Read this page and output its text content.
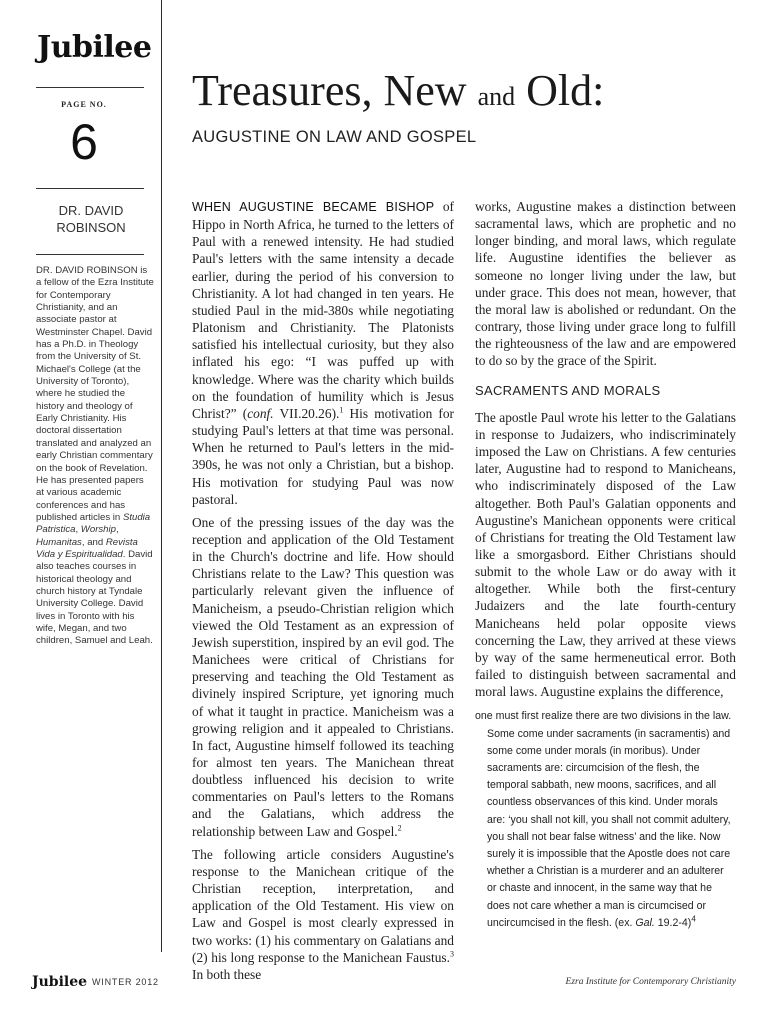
Jubilee
PAGE NO.
6
DR. DAVID ROBINSON

DR. DAVID ROBINSON is a fellow of the Ezra Institute for Contemporary Christianity, and an associate pastor at Westminster Chapel. David has a Ph.D. in Theology from the University of St. Michael's College (at the University of Toronto), where he studied the history and theology of Early Christianity. His doctoral dissertation translated and analyzed an early Christian commentary on the book of Revelation. He has presented papers at various academic conferences and has published articles in Studia Patristica, Worship, Humanitas, and Revista Vida y Espiritualidad. David also teaches courses in historical theology and church history at Tyndale University College. David lives in Toronto with his wife, Megan, and two children, Samuel and Leah.

Treasures, New and Old:
AUGUSTINE ON LAW AND GOSPEL

WHEN AUGUSTINE BECAME BISHOP of Hippo in North Africa, he turned to the letters of Paul with a renewed intensity. He had studied Paul's letters with the same intensity a decade earlier, during the period of his conversion to Christianity. A lot had changed in ten years. He studied Paul in the mid-380s while negotiating Platonism and Christianity. The Platonists satisfied his intellectual curiosity, but they also inflated his ego: “I was puffed up with knowledge. Where was the charity which builds on the foundation of humility which is Jesus Christ?” (conf. VII.20.26).$^1$ His motivation for studying Paul's letters at that time was personal. When he returned to Paul's letters in the mid-390s, he was not only a Christian, but a bishop. His motivation for studying Paul was now pastoral.

One of the pressing issues of the day was the reception and application of the Old Testament in the Church's doctrine and life. How should Christians relate to the Law? This question was particularly relevant given the influence of Manicheism, a pseudo-Christian religion which viewed the Old Testament as an expression of Jewish superstition, inspired by an evil god. The Manichees were critical of Christians for preserving and teaching the Old Testament as divinely inspired Scripture, yet ignoring much of what it taught in practice. Manicheism was a growing religion and it appealed to Christians. In fact, Augustine himself followed its teaching for almost ten years. The Manichean threat doubtless influenced his decision to write commentaries on Paul's letters to the Romans and the Galatians, which address the relationship between Law and Gospel.$^2$

The following article considers Augustine's response to the Manichean critique of the Christian reception, interpretation, and application of the Old Testament. His view on Law and Gospel is most clearly expressed in two works: (1) his commentary on Galatians and (2) his long response to the Manichean Faustus.$^3$ In both these

works, Augustine makes a distinction between sacramental laws, which are prophetic and no longer binding, and moral laws, which regulate life. Augustine identifies the believer as someone no longer living under the law, but under grace. This does not mean, however, that the moral law is abolished or redundant. On the contrary, those living under grace long to fulfill the righteousness of the law and are empowered to do so by the grace of the Spirit.

SACRAMENTS AND MORALS

The apostle Paul wrote his letter to the Galatians in response to Judaizers, who indiscriminately imposed the Law on Christians. A few centuries later, Augustine had to respond to Manicheans, who indiscriminately disposed of the Law altogether. Both Paul's Galatian opponents and Augustine's Manichean opponents were critical of Christians for treating the Old Testament law like a smorgasbord. Either Christians should submit to the whole Law or do away with it altogether. While both the first-century Judaizers and the late fourth-century Manicheans held polar opposite views concerning the Law, they arrived at these views by way of the same hermeneutical error. Both failed to distinguish between sacramental and moral laws. Augustine explains the difference,

one must first realize there are two divisions in the law. Some come under sacraments (in sacramentis) and some come under morals (in moribus). Under sacraments are: circumcision of the flesh, the temporal sabbath, new moons, sacrifices, and all countless observances of this kind. Under morals are: ‘you shall not kill, you shall not commit adultery, you shall not bear false witness’ and the like. Now surely it is impossible that the Apostle does not care whether a Christian is a murderer and an adulterer or chaste and innocent, in the same way that he does not care whether a man is circumcised or uncircumcised in the flesh. (ex. Gal. 19.2-4)$^4$
Jubilee WINTER 2012	Ezra Institute for Contemporary Christianity
